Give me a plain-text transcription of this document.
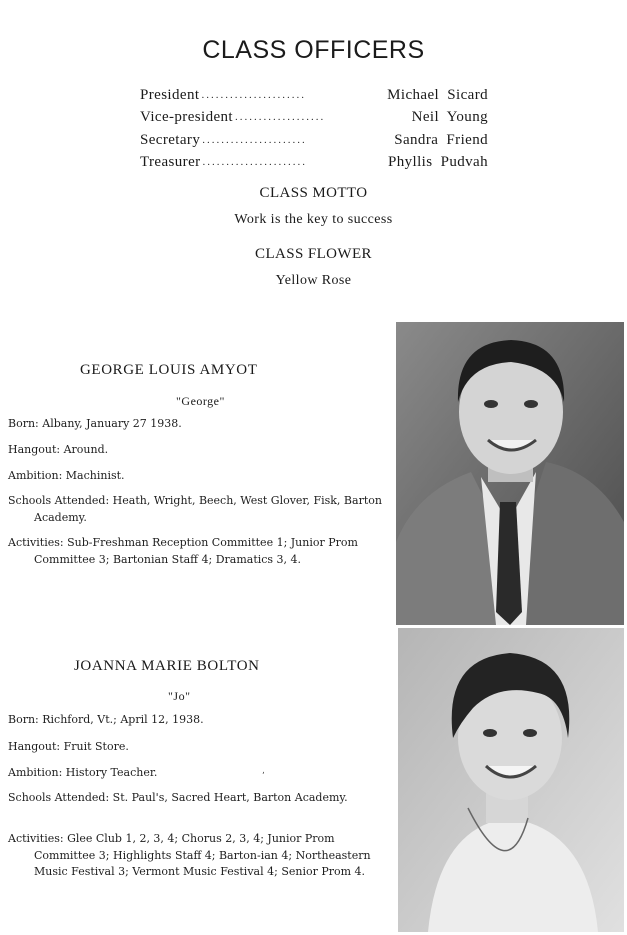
CLASS OFFICERS
President ......................	Michael Sicard
Vice-president ...................	Neil Young
Secretary ......................	Sandra Friend
Treasurer ......................	Phyllis Pudvah
CLASS MOTTO
Work is the key to success
CLASS FLOWER
Yellow Rose
GEORGE LOUIS AMYOT
"George"
Born: Albany, January 27 1938.
Hangout: Around.
Ambition: Machinist.
Schools Attended: Heath, Wright, Beech, West Glover, Fisk, Barton Academy.
Activities: Sub-Freshman Reception Committee 1; Junior Prom Committee 3; Bartonian Staff 4; Dramatics 3, 4.
JOANNA MARIE BOLTON
"Jo"
Born: Richford, Vt.; April 12, 1938.
Hangout: Fruit Store.
Ambition: History Teacher.	,
Schools Attended: St. Paul's, Sacred Heart, Barton Academy.
Activities: Glee Club 1, 2, 3, 4; Chorus 2, 3, 4; Junior Prom Committee 3; Highlights Staff 4; Barton-ian 4; Northeastern Music Festival 3; Vermont Music Festival 4; Senior Prom 4.
